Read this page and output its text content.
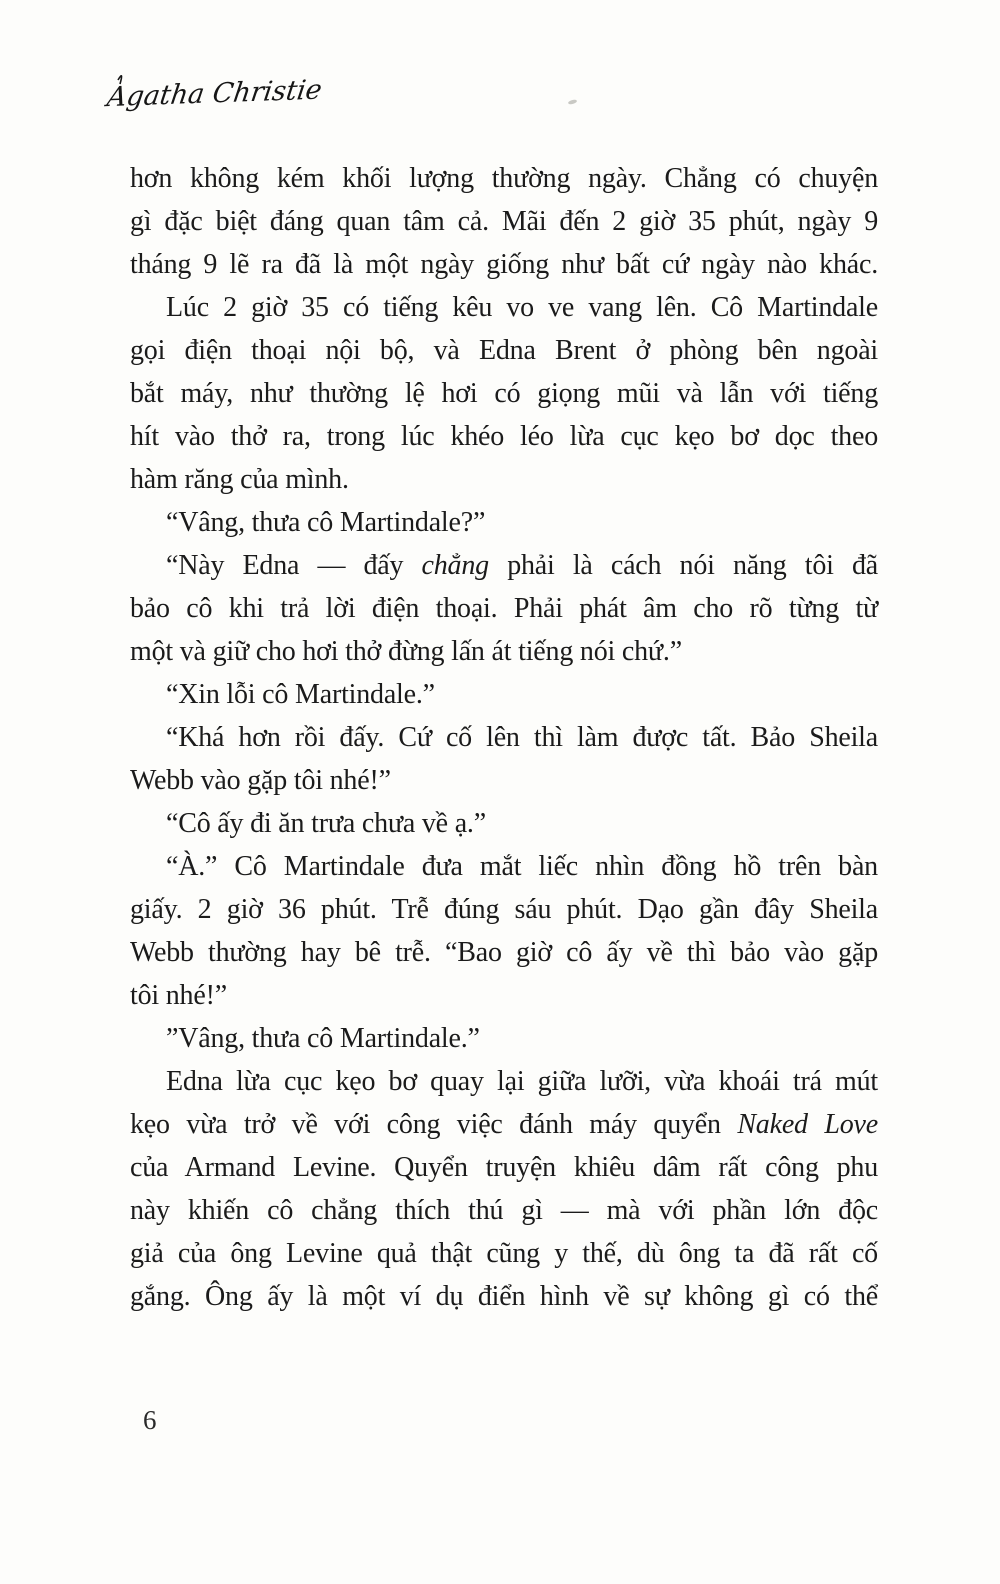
Agatha Christie
hơn không kém khối lượng thường ngày. Chẳng có chuyện
gì đặc biệt đáng quan tâm cả. Mãi đến 2 giờ 35 phút, ngày 9
tháng 9 lẽ ra đã là một ngày giống như bất cứ ngày nào khác.
Lúc 2 giờ 35 có tiếng kêu vo ve vang lên. Cô Martindale
gọi điện thoại nội bộ, và Edna Brent ở phòng bên ngoài
bắt máy, như thường lệ hơi có giọng mũi và lẫn với tiếng
hít vào thở ra, trong lúc khéo léo lừa cục kẹo bơ dọc theo
hàm răng của mình.
“Vâng, thưa cô Martindale?”
“Này Edna — đấy chẳng phải là cách nói năng tôi đã
bảo cô khi trả lời điện thoại. Phải phát âm cho rõ từng từ
một và giữ cho hơi thở đừng lấn át tiếng nói chứ.”
“Xin lỗi cô Martindale.”
“Khá hơn rồi đấy. Cứ cố lên thì làm được tất. Bảo Sheila
Webb vào gặp tôi nhé!”
“Cô ấy đi ăn trưa chưa về ạ.”
“À.” Cô Martindale đưa mắt liếc nhìn đồng hồ trên bàn
giấy. 2 giờ 36 phút. Trễ đúng sáu phút. Dạo gần đây Sheila
Webb thường hay bê trễ. “Bao giờ cô ấy về thì bảo vào gặp
tôi nhé!”
”Vâng, thưa cô Martindale.”
Edna lừa cục kẹo bơ quay lại giữa lưỡi, vừa khoái trá mút
kẹo vừa trở về với công việc đánh máy quyển Naked Love
của Armand Levine. Quyển truyện khiêu dâm rất công phu
này khiến cô chẳng thích thú gì — mà với phần lớn độc
giả của ông Levine quả thật cũng y thế, dù ông ta đã rất cố
gắng. Ông ấy là một ví dụ điển hình về sự không gì có thể
6
